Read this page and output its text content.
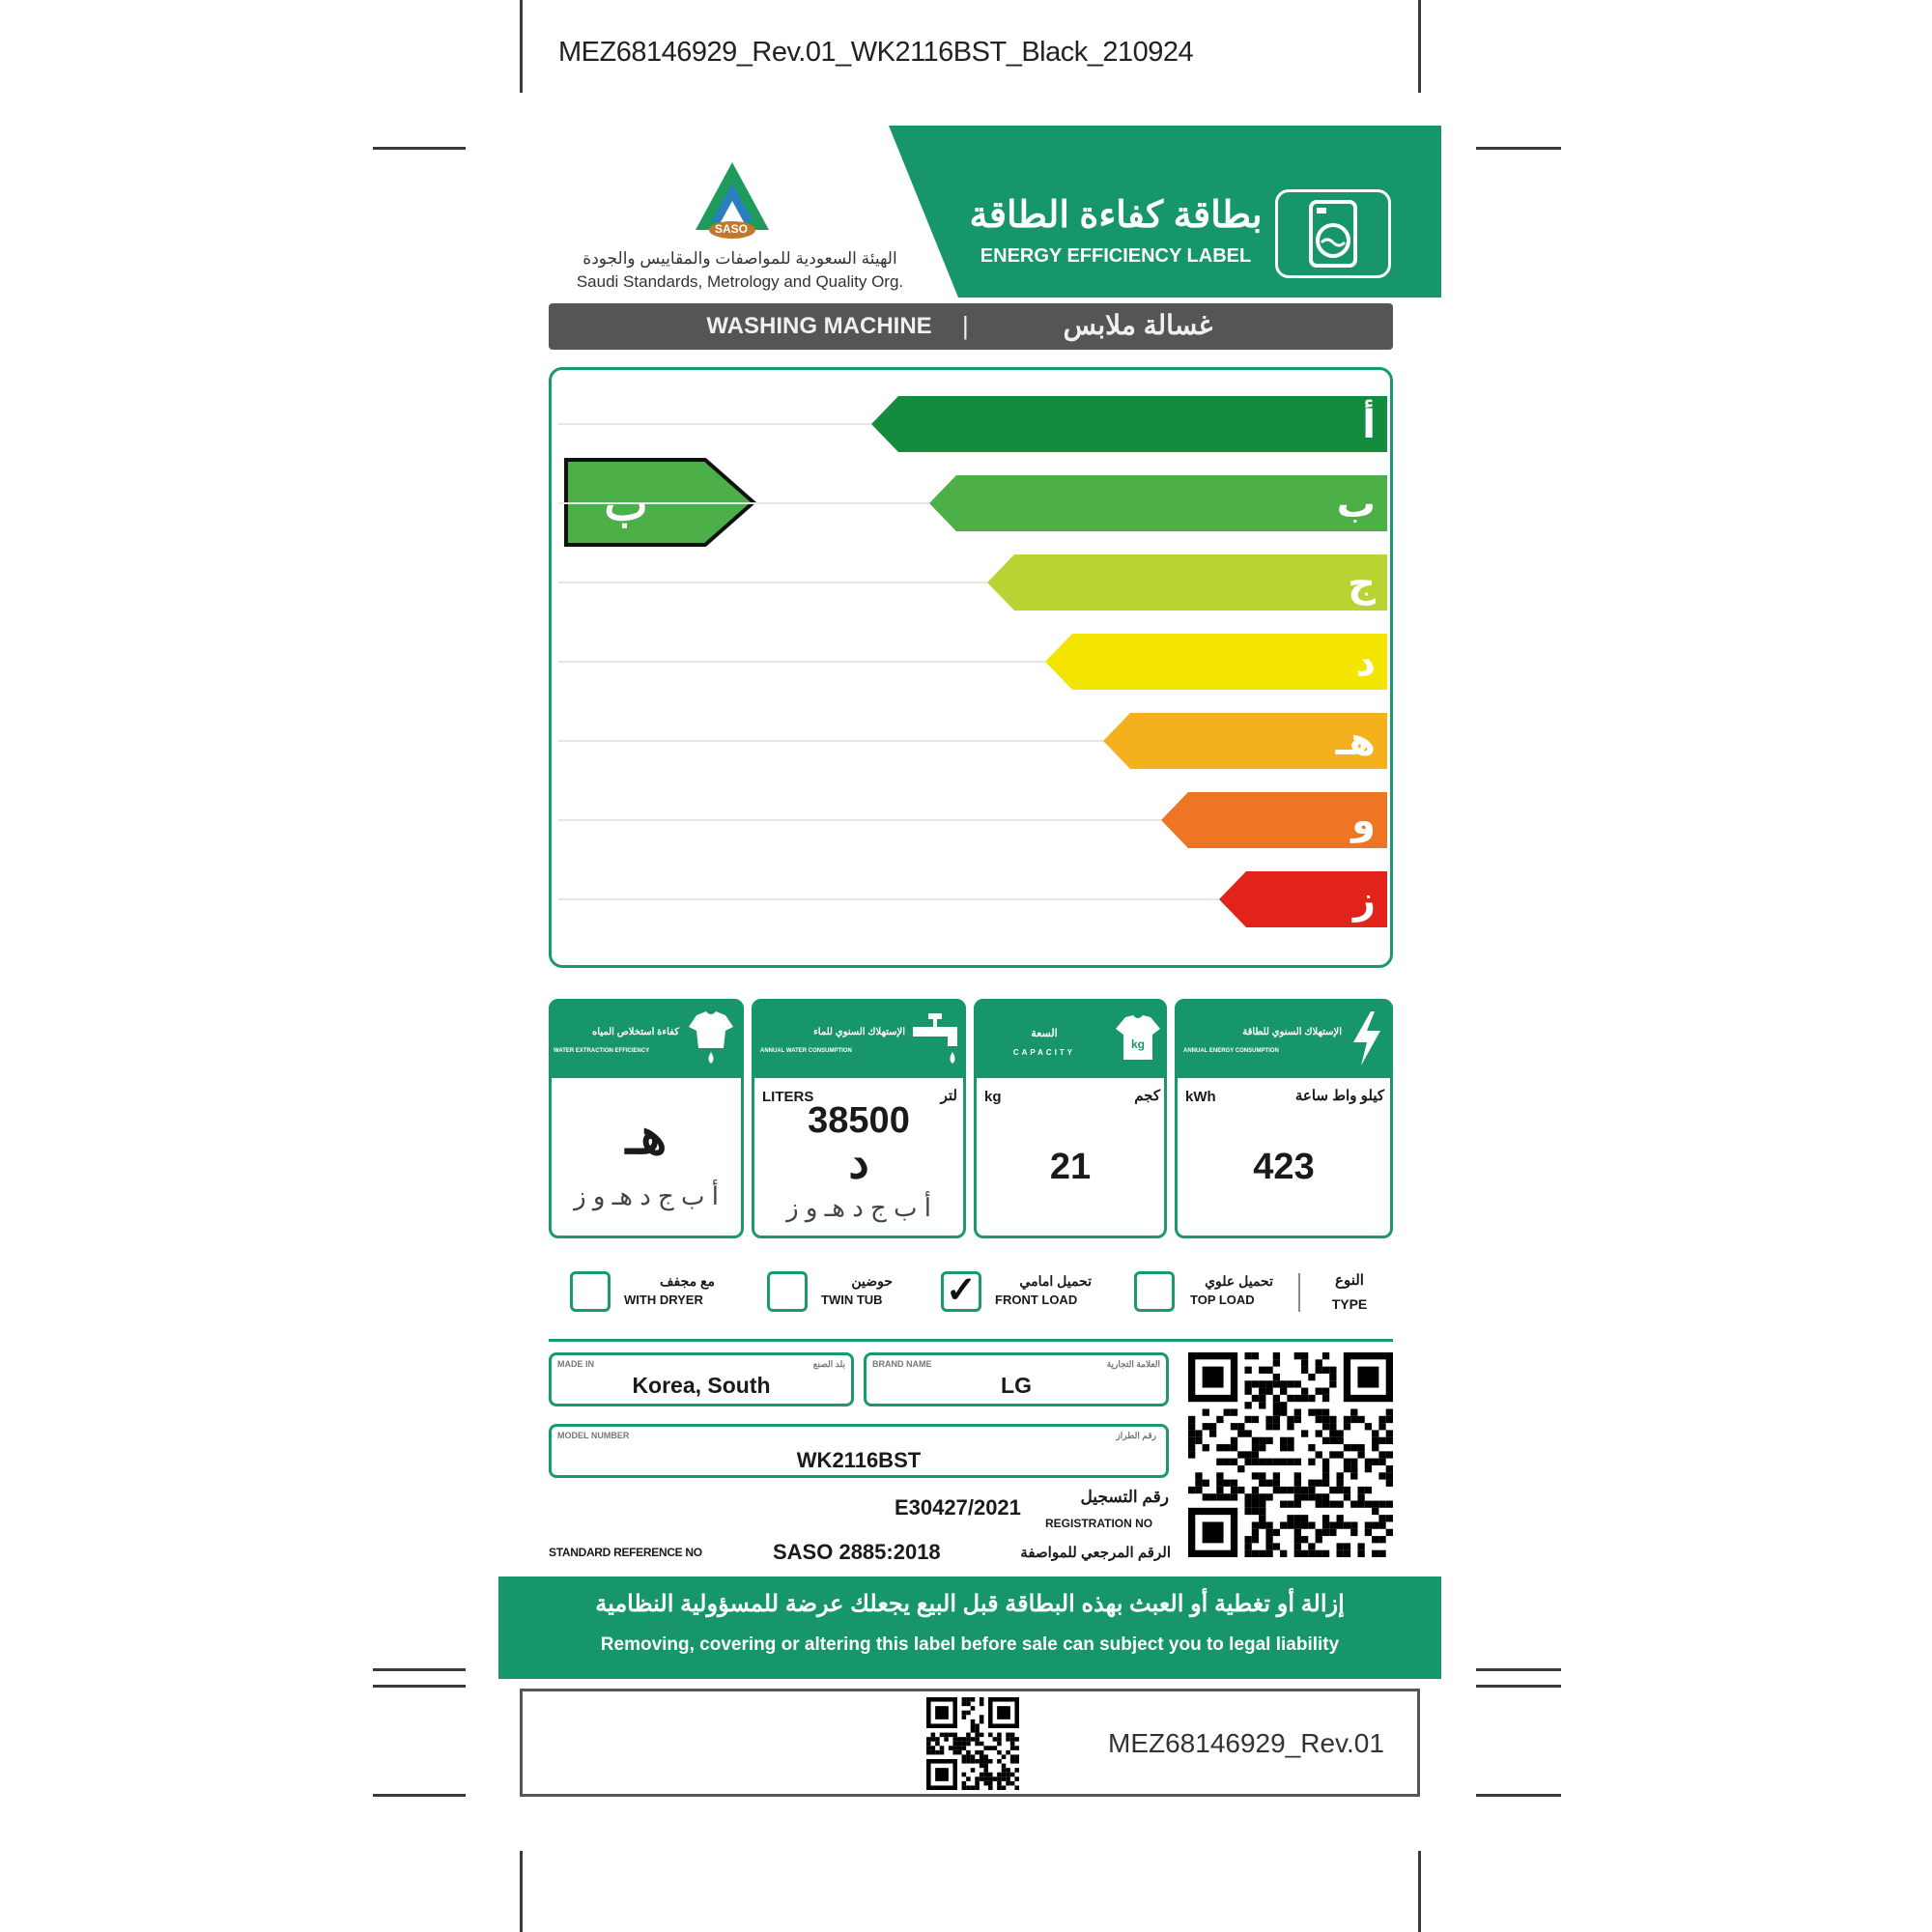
MEZ68146929_Rev.01_WK2116BST_Black_210924
SASO
الهيئة السعودية للمواصفات والمقاييس والجودة
Saudi Standards, Metrology and Quality Org.
بطاقة كفاءة الطاقة
ENERGY EFFICIENCY LABEL
WASHING MACHINE |	غسالة ملابس
أ
ب
ج
د
هـ
و
ز
ب
كفاءة استخلاص المياه
WATER EXTRACTION EFFICIENCY
هـ
أ ب ج د هـ و ز
الإستهلاك السنوي للماء
ANNUAL WATER CONSUMPTION
LITERS	لتر
38500
د
أ ب ج د هـ و ز
السعة
CAPACITY
kg
kg	كجم
21
الإستهلاك السنوي للطاقة
ANNUAL ENERGY CONSUMPTION
kWh	كيلو واط ساعة
423
مع مجفف
WITH DRYER
حوضين
TWIN TUB ✓	تحميل امامي
FRONT LOAD
تحميل علوي
TOP LOAD
النوع
TYPE
MADE IN	بلد الصنع
Korea, South
BRAND NAME	العلامة التجارية
LG
MODEL NUMBER	رقم الطراز
WK2116BST
E30427/2021	رقم التسجيل
REGISTRATION NO
STANDARD REFERENCE NO	SASO 2885:2018	الرقم المرجعي للمواصفة
إزالة أو تغطية أو العبث بهذه البطاقة قبل البيع يجعلك عرضة للمسؤولية النظامية
Removing, covering or altering this label before sale can subject you to legal liability
MEZ68146929_Rev.01
